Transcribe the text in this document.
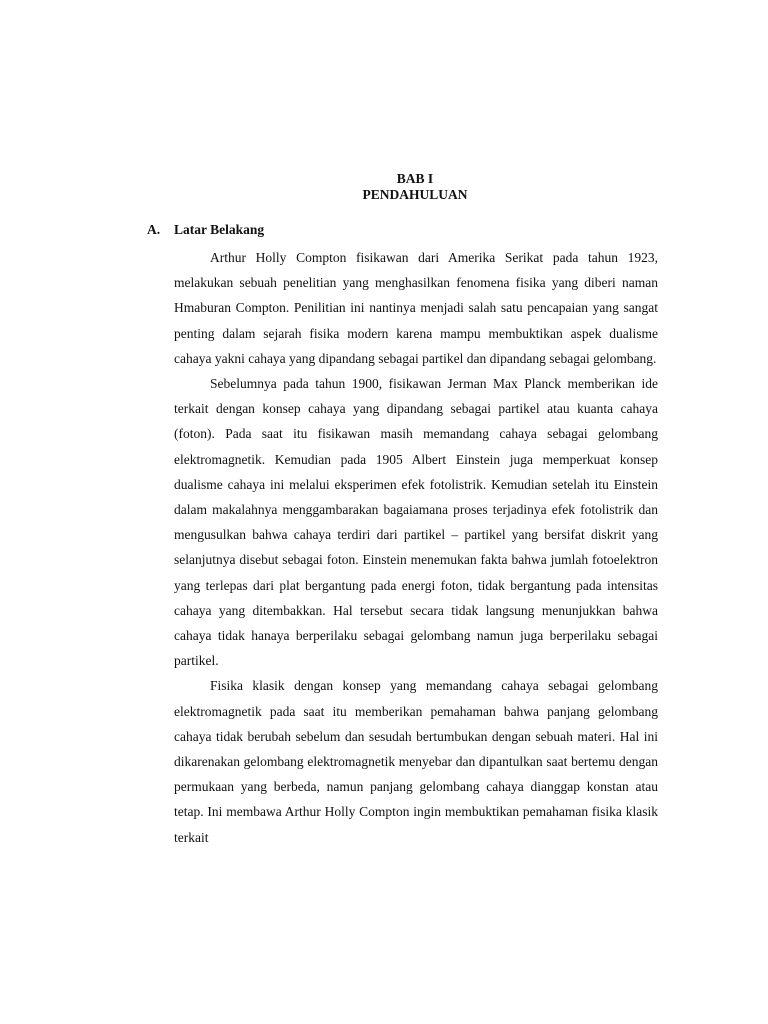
BAB I
PENDAHULUAN
A. Latar Belakang

Arthur Holly Compton fisikawan dari Amerika Serikat pada tahun 1923, melakukan sebuah penelitian yang menghasilkan fenomena fisika yang diberi naman Hmaburan Compton. Penilitian ini nantinya menjadi salah satu pencapaian yang sangat penting dalam sejarah fisika modern karena mampu membuktikan aspek dualisme cahaya yakni cahaya yang dipandang sebagai partikel dan dipandang sebagai gelombang.

Sebelumnya pada tahun 1900, fisikawan Jerman Max Planck memberikan ide terkait dengan konsep cahaya yang dipandang sebagai partikel atau kuanta cahaya (foton). Pada saat itu fisikawan masih memandang cahaya sebagai gelombang elektromagnetik. Kemudian pada 1905 Albert Einstein juga memperkuat konsep dualisme cahaya ini melalui eksperimen efek fotolistrik. Kemudian setelah itu Einstein dalam makalahnya menggambarakan bagaiamana proses terjadinya efek fotolistrik dan mengusulkan bahwa cahaya terdiri dari partikel – partikel yang bersifat diskrit yang selanjutnya disebut sebagai foton. Einstein menemukan fakta bahwa jumlah fotoelektron yang terlepas dari plat bergantung pada energi foton, tidak bergantung pada intensitas cahaya yang ditembakkan. Hal tersebut secara tidak langsung menunjukkan bahwa cahaya tidak hanaya berperilaku sebagai gelombang namun juga berperilaku sebagai partikel.

Fisika klasik dengan konsep yang memandang cahaya sebagai gelombang elektromagnetik pada saat itu memberikan pemahaman bahwa panjang gelombang cahaya tidak berubah sebelum dan sesudah bertumbukan dengan sebuah materi. Hal ini dikarenakan gelombang elektromagnetik menyebar dan dipantulkan saat bertemu dengan permukaan yang berbeda, namun panjang gelombang cahaya dianggap konstan atau tetap. Ini membawa Arthur Holly Compton ingin membuktikan pemahaman fisika klasik terkait
